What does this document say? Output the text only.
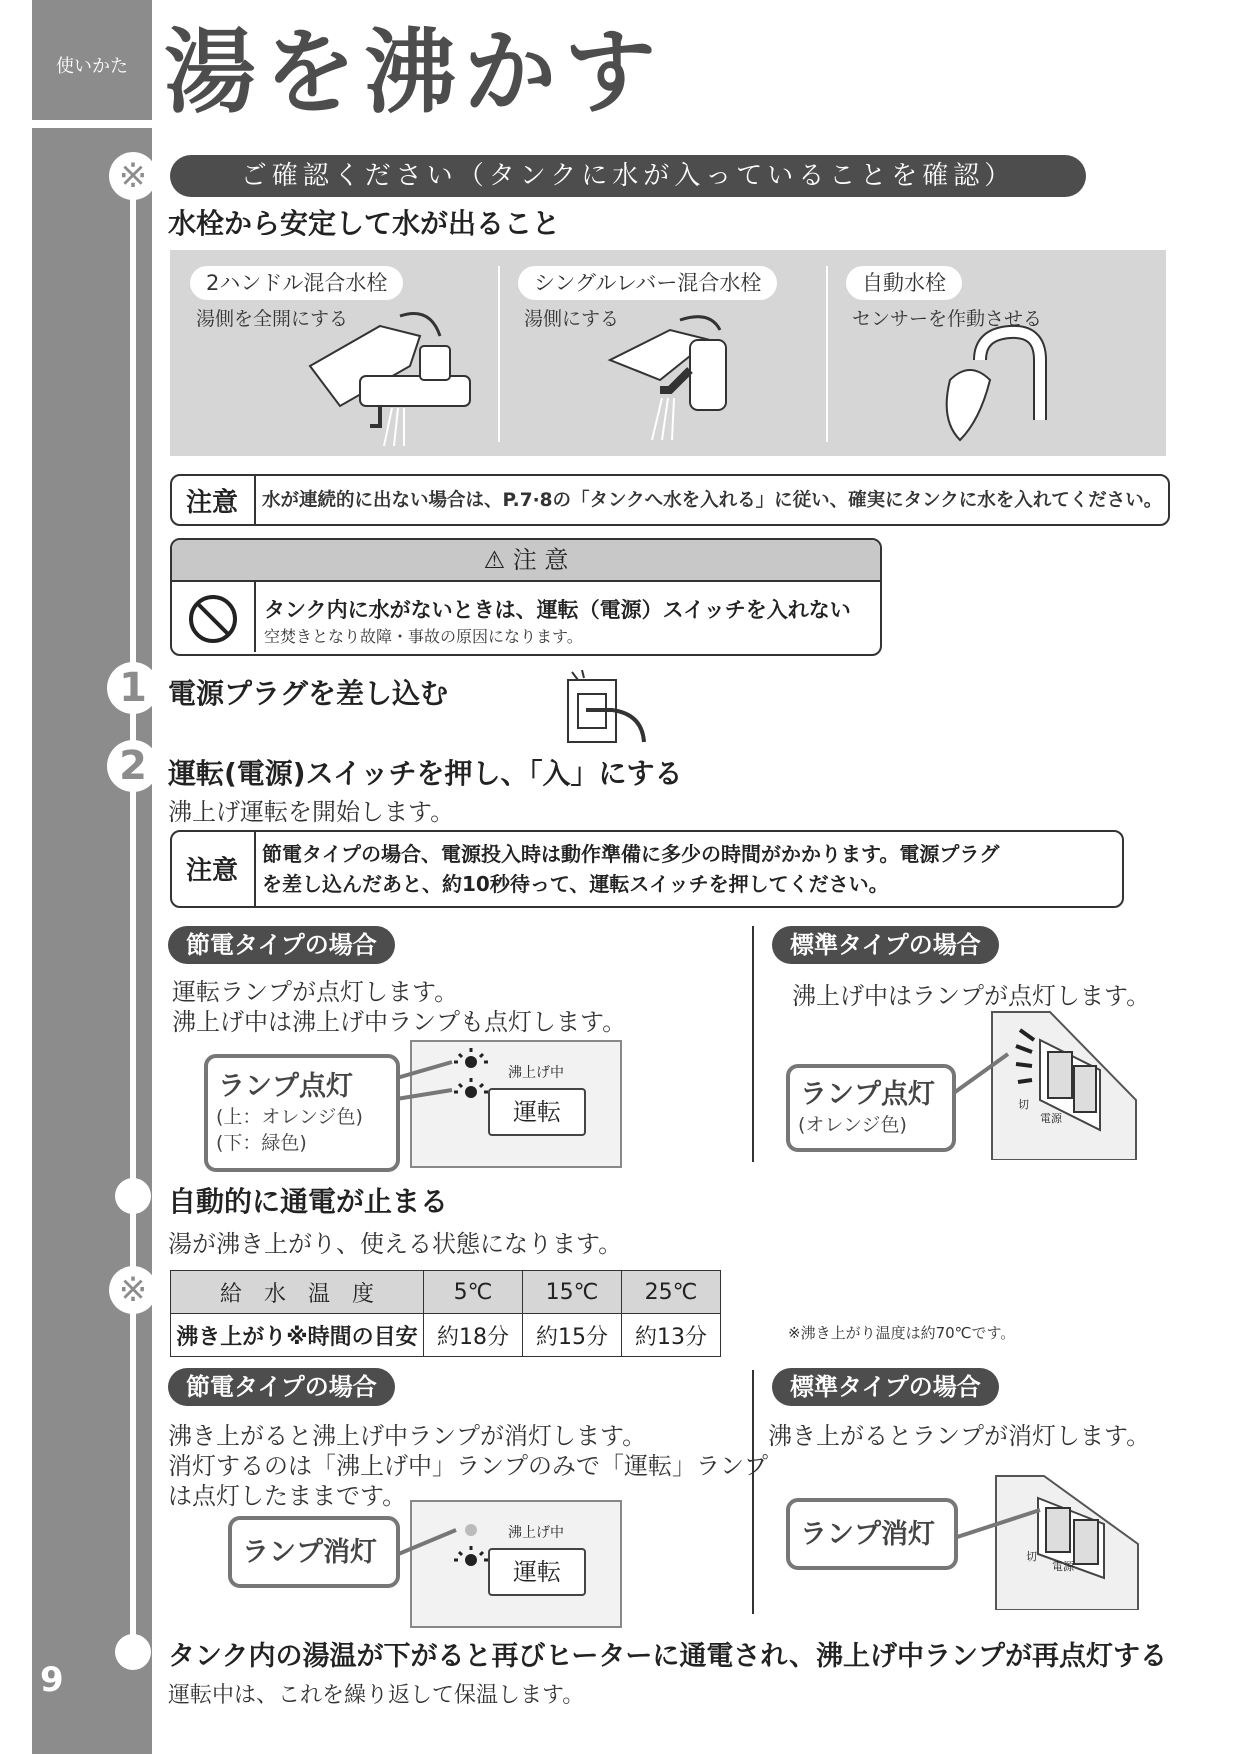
使いかた
9
湯を沸かす
※
1
2
※
ご確認ください（タンクに水が入っていることを確認）
水栓から安定して水が出ること
2ハンドル混合水栓
湯側を全開にする
シングルレバー混合水栓
湯側にする
自動水栓
センサーを作動させる
注意	水が連続的に出ない場合は、P.7·8の「タンクへ水を入れる」に従い、確実にタンクに水を入れてください。
⚠ 注 意
タンク内に水がないときは、運転（電源）スイッチを入れない
空焚きとなり故障・事故の原因になります。
電源プラグを差し込む
運転(電源)スイッチを押し、「入」にする
沸上げ運転を開始します。
注意
節電タイプの場合、電源投入時は動作準備に多少の時間がかかります。電源プラグ
を差し込んだあと、約10秒待って、運転スイッチを押してください。
節電タイプの場合
運転ランプが点灯します。
沸上げ中は沸上げ中ランプも点灯します。
沸上げ中
運転
ランプ点灯
(上：オレンジ色)
(下：緑色)
標準タイプの場合
沸上げ中はランプが点灯します。
電源
切
ランプ点灯
(オレンジ色)
自動的に通電が止まる
湯が沸き上がり、使える状態になります。
給　水　温　度	5℃	15℃	25℃
沸き上がり※時間の目安	約18分	約15分	約13分	※沸き上がり温度は約70℃です。
節電タイプの場合
沸き上がると沸上げ中ランプが消灯します。
消灯するのは「沸上げ中」ランプのみで「運転」ランプ
は点灯したままです。
沸上げ中
運転
ランプ消灯
標準タイプの場合
沸き上がるとランプが消灯します。
電源
切
ランプ消灯
タンク内の湯温が下がると再びヒーターに通電され、沸上げ中ランプが再点灯する
運転中は、これを繰り返して保温します。
